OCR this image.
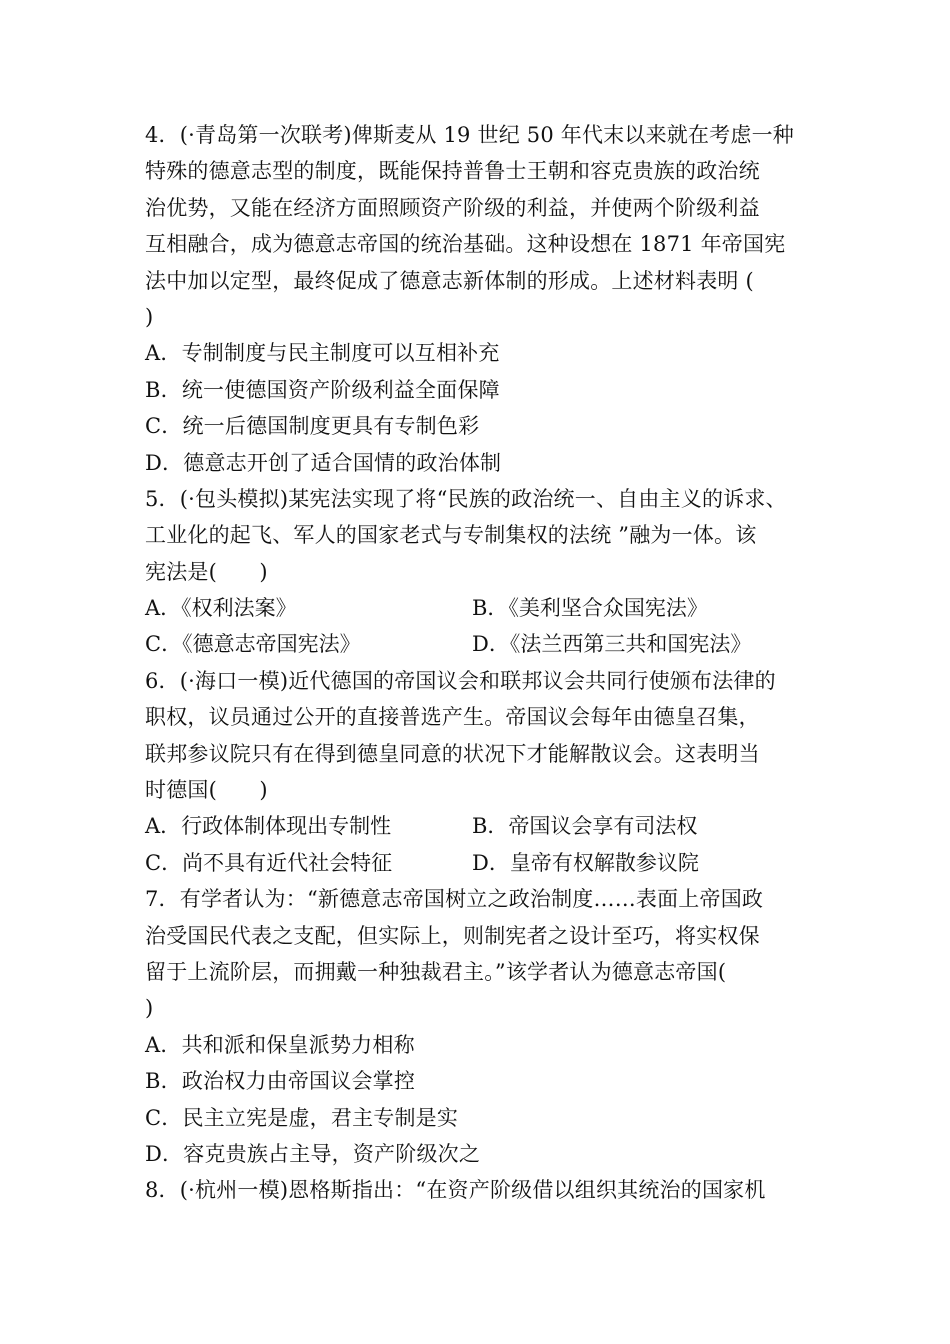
4．(·青岛第一次联考)俾斯麦从 19 世纪 50 年代末以来就在考虑一种
特殊的德意志型的制度，既能保持普鲁士王朝和容克贵族的政治统
治优势，又能在经济方面照顾资产阶级的利益，并使两个阶级利益
互相融合，成为德意志帝国的统治基础。这种设想在 1871 年帝国宪
法中加以定型，最终促成了德意志新体制的形成。上述材料表明 (
)
A．专制制度与民主制度可以互相补充
B．统一使德国资产阶级利益全面保障
C．统一后德国制度更具有专制色彩
D．德意志开创了适合国情的政治体制
5．(·包头模拟)某宪法实现了将“民族的政治统一、自由主义的诉求、
工业化的起飞、军人的国家老式与专制集权的法统 ”融为一体。该
宪法是(　　)
A．《权利法案》	B．《美利坚合众国宪法》
C．《德意志帝国宪法》	D．《法兰西第三共和国宪法》
6．(·海口一模)近代德国的帝国议会和联邦议会共同行使颁布法律的
职权，议员通过公开的直接普选产生。帝国议会每年由德皇召集，
联邦参议院只有在得到德皇同意的状况下才能解散议会。这表明当
时德国(　　)
A．行政体制体现出专制性	B．帝国议会享有司法权
C．尚不具有近代社会特征	D．皇帝有权解散参议院
7．有学者认为：“新德意志帝国树立之政治制度……表面上帝国政
治受国民代表之支配，但实际上，则制宪者之设计至巧，将实权保
留于上流阶层，而拥戴一种独裁君主。”该学者认为德意志帝国(
)
A．共和派和保皇派势力相称
B．政治权力由帝国议会掌控
C．民主立宪是虚，君主专制是实
D．容克贵族占主导，资产阶级次之
8．(·杭州一模)恩格斯指出：“在资产阶级借以组织其统治的国家机
